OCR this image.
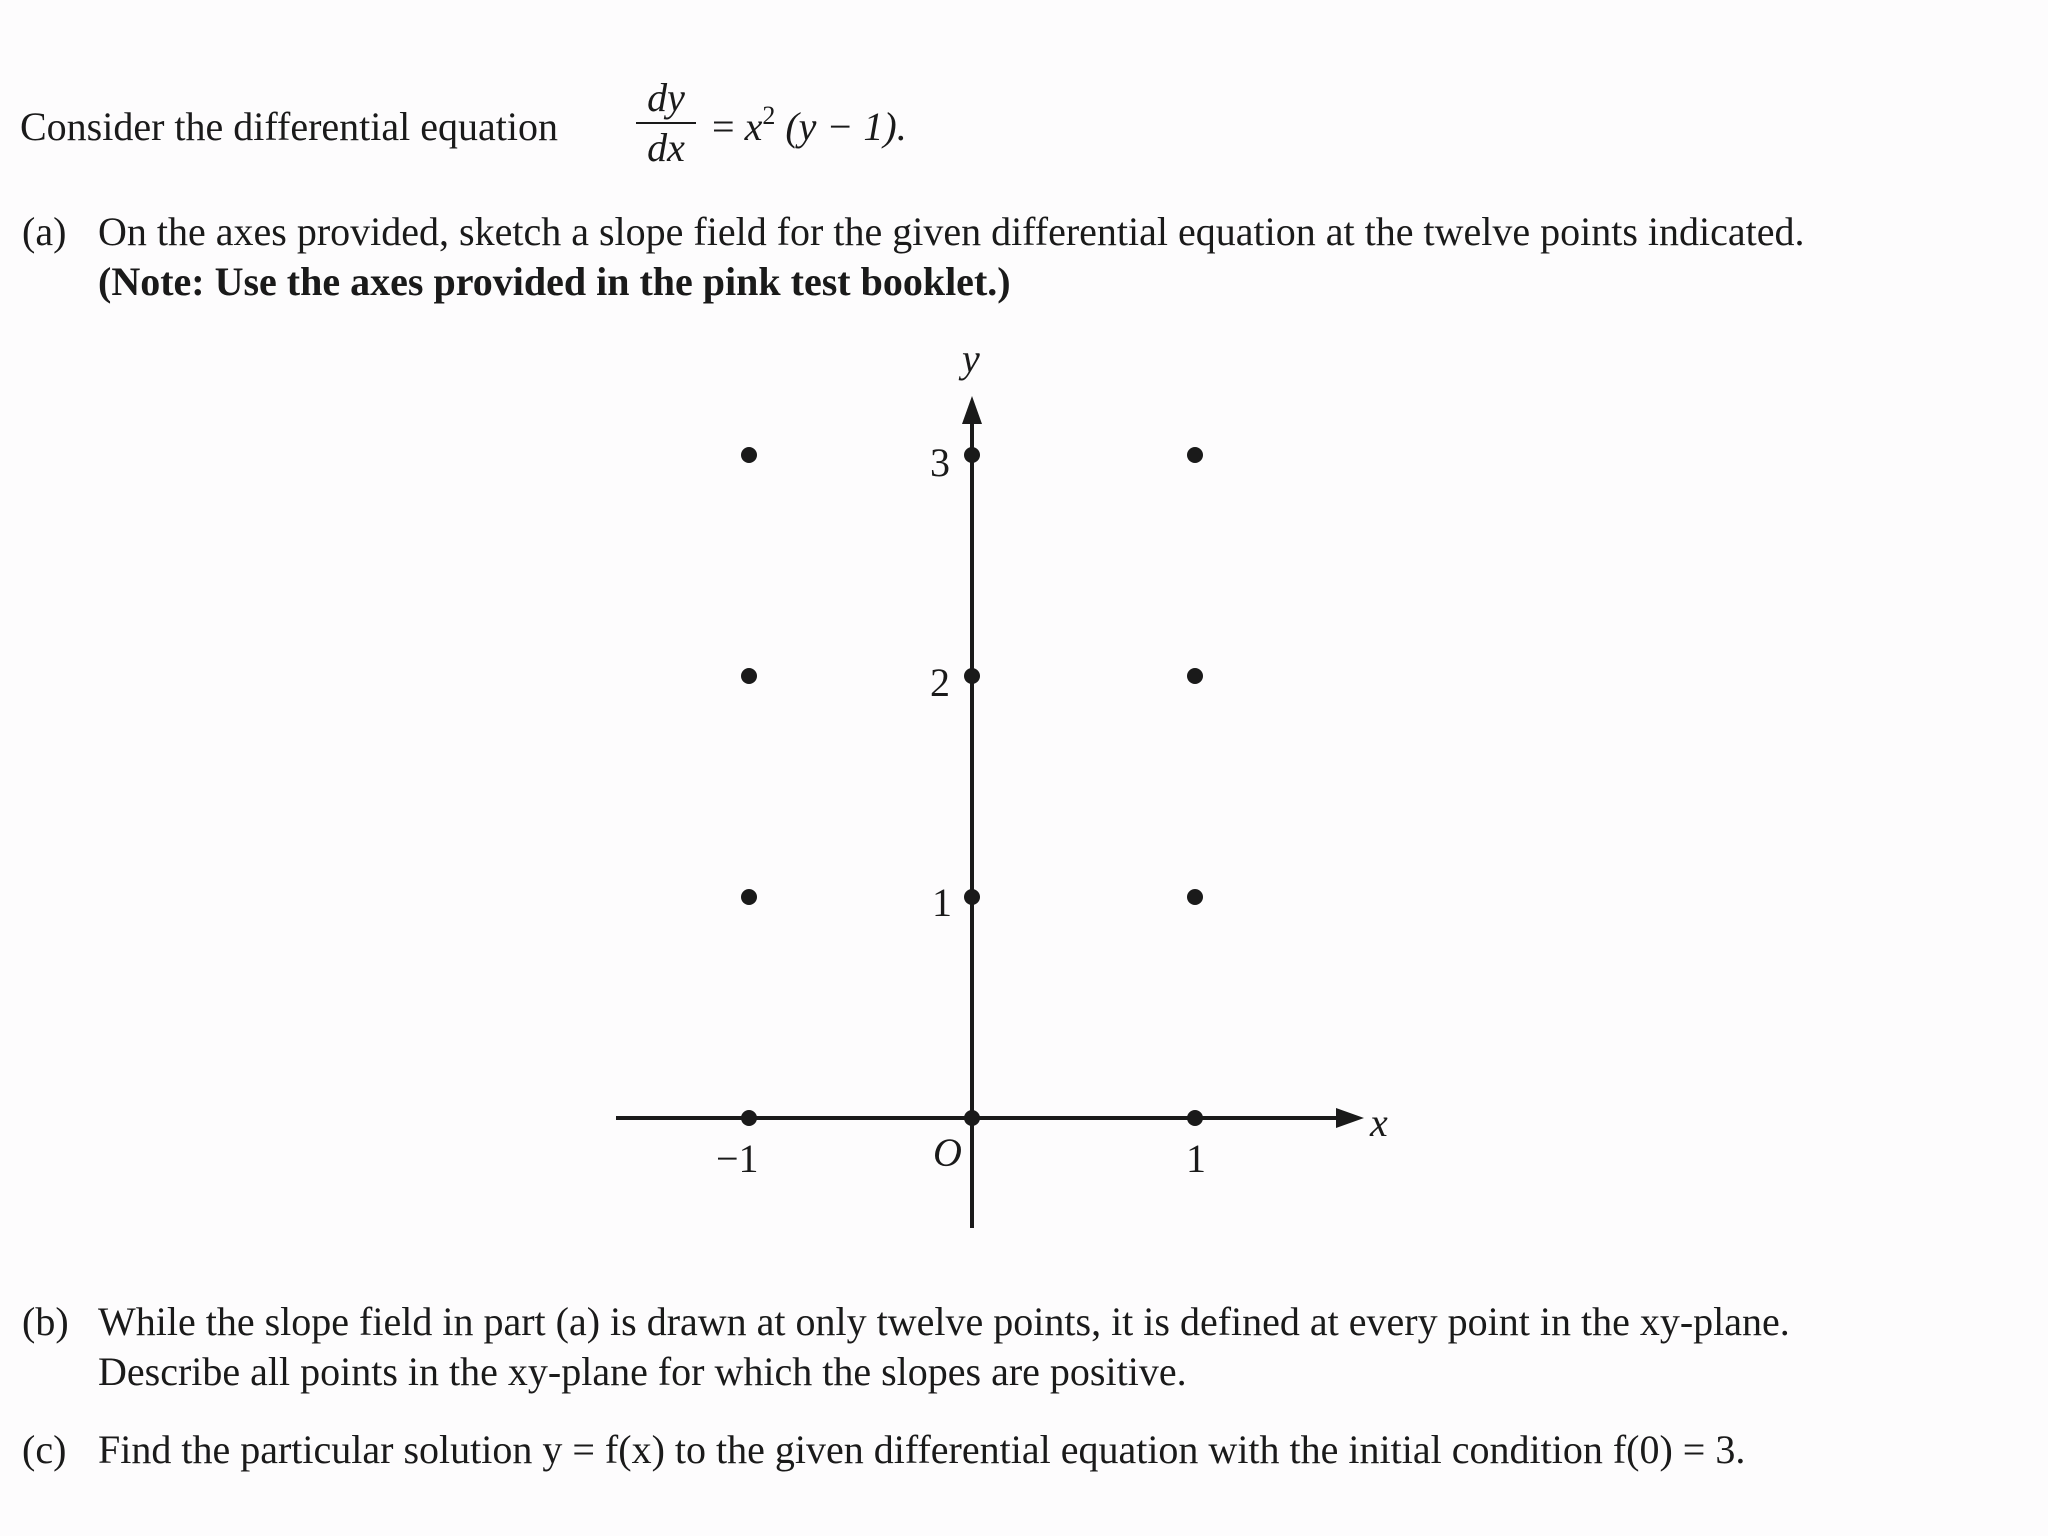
Consider the differential equation
dy
dx = $x^2$ (y − 1).
(a) On the axes provided, sketch a slope field for the given differential equation at the twelve points indicated.
(Note: Use the axes provided in the pink test booklet.)
y
x
O
−1	1
1
2
3
(b) While the slope field in part (a) is drawn at only twelve points, it is defined at every point in the xy-plane.
Describe all points in the xy-plane for which the slopes are positive.
(c) Find the particular solution y = f(x) to the given differential equation with the initial condition f(0) = 3.
